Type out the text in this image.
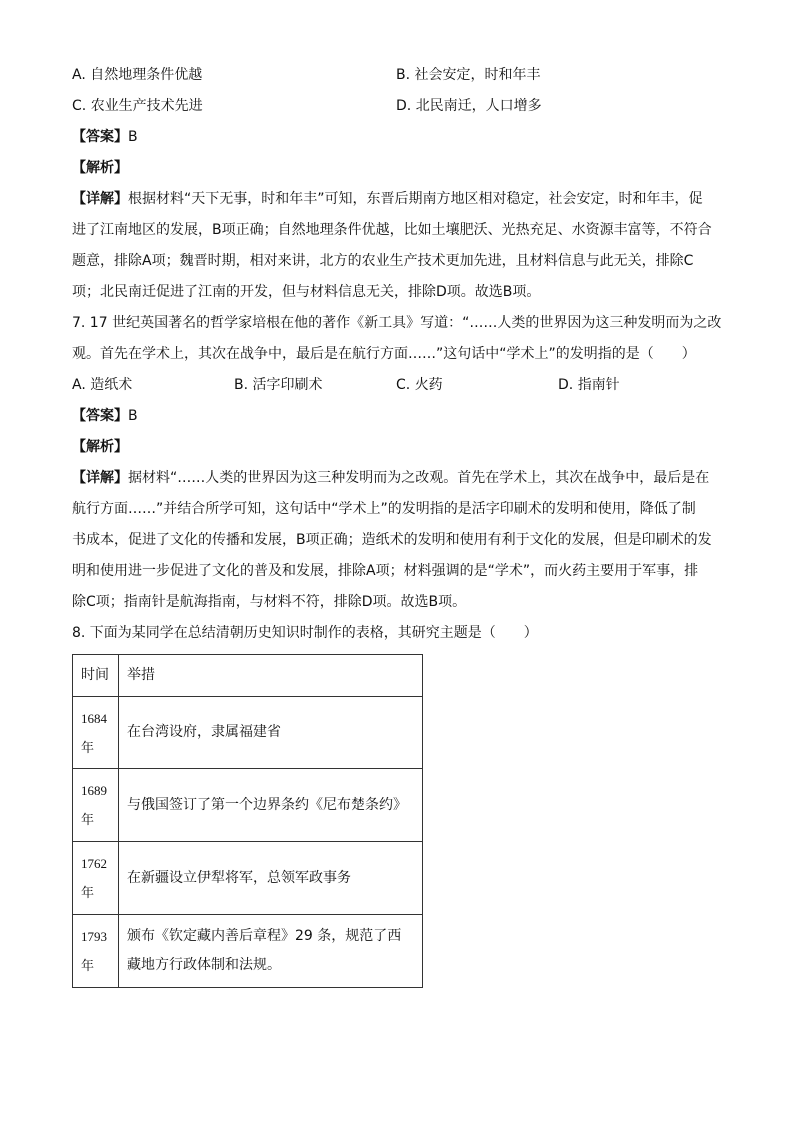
A. 自然地理条件优越	B. 社会安定，时和年丰
C. 农业生产技术先进	D. 北民南迁，人口增多
【答案】B
【解析】
【详解】根据材料“天下无事，时和年丰”可知，东晋后期南方地区相对稳定，社会安定，时和年丰，促
进了江南地区的发展，B项正确；自然地理条件优越，比如土壤肥沃、光热充足、水资源丰富等，不符合
题意，排除A项；魏晋时期，相对来讲，北方的农业生产技术更加先进，且材料信息与此无关，排除C
项；北民南迁促进了江南的开发，但与材料信息无关，排除D项。故选B项。
7. 17 世纪英国著名的哲学家培根在他的著作《新工具》写道：“……人类的世界因为这三种发明而为之改
观。首先在学术上，其次在战争中，最后是在航行方面……”这句话中“学术上”的发明指的是（　　）
A. 造纸术	B. 活字印刷术	C. 火药	D. 指南针
【答案】B
【解析】
【详解】据材料“……人类的世界因为这三种发明而为之改观。首先在学术上，其次在战争中，最后是在
航行方面……”并结合所学可知，这句话中“学术上”的发明指的是活字印刷术的发明和使用，降低了制
书成本，促进了文化的传播和发展，B项正确；造纸术的发明和使用有利于文化的发展，但是印刷术的发
明和使用进一步促进了文化的普及和发展，排除A项；材料强调的是“学术”，而火药主要用于军事，排
除C项；指南针是航海指南，与材料不符，排除D项。故选B项。
8. 下面为某同学在总结清朝历史知识时制作的表格，其研究主题是（　　）
时间	举措

1684
年	在台湾设府，隶属福建省

1689
年	与俄国签订了第一个边界条约《尼布楚条约》

1762
年	在新疆设立伊犁将军，总领军政事务

1793
年	颁布《钦定藏内善后章程》29 条，规范了西藏地方行政体制和法规。
